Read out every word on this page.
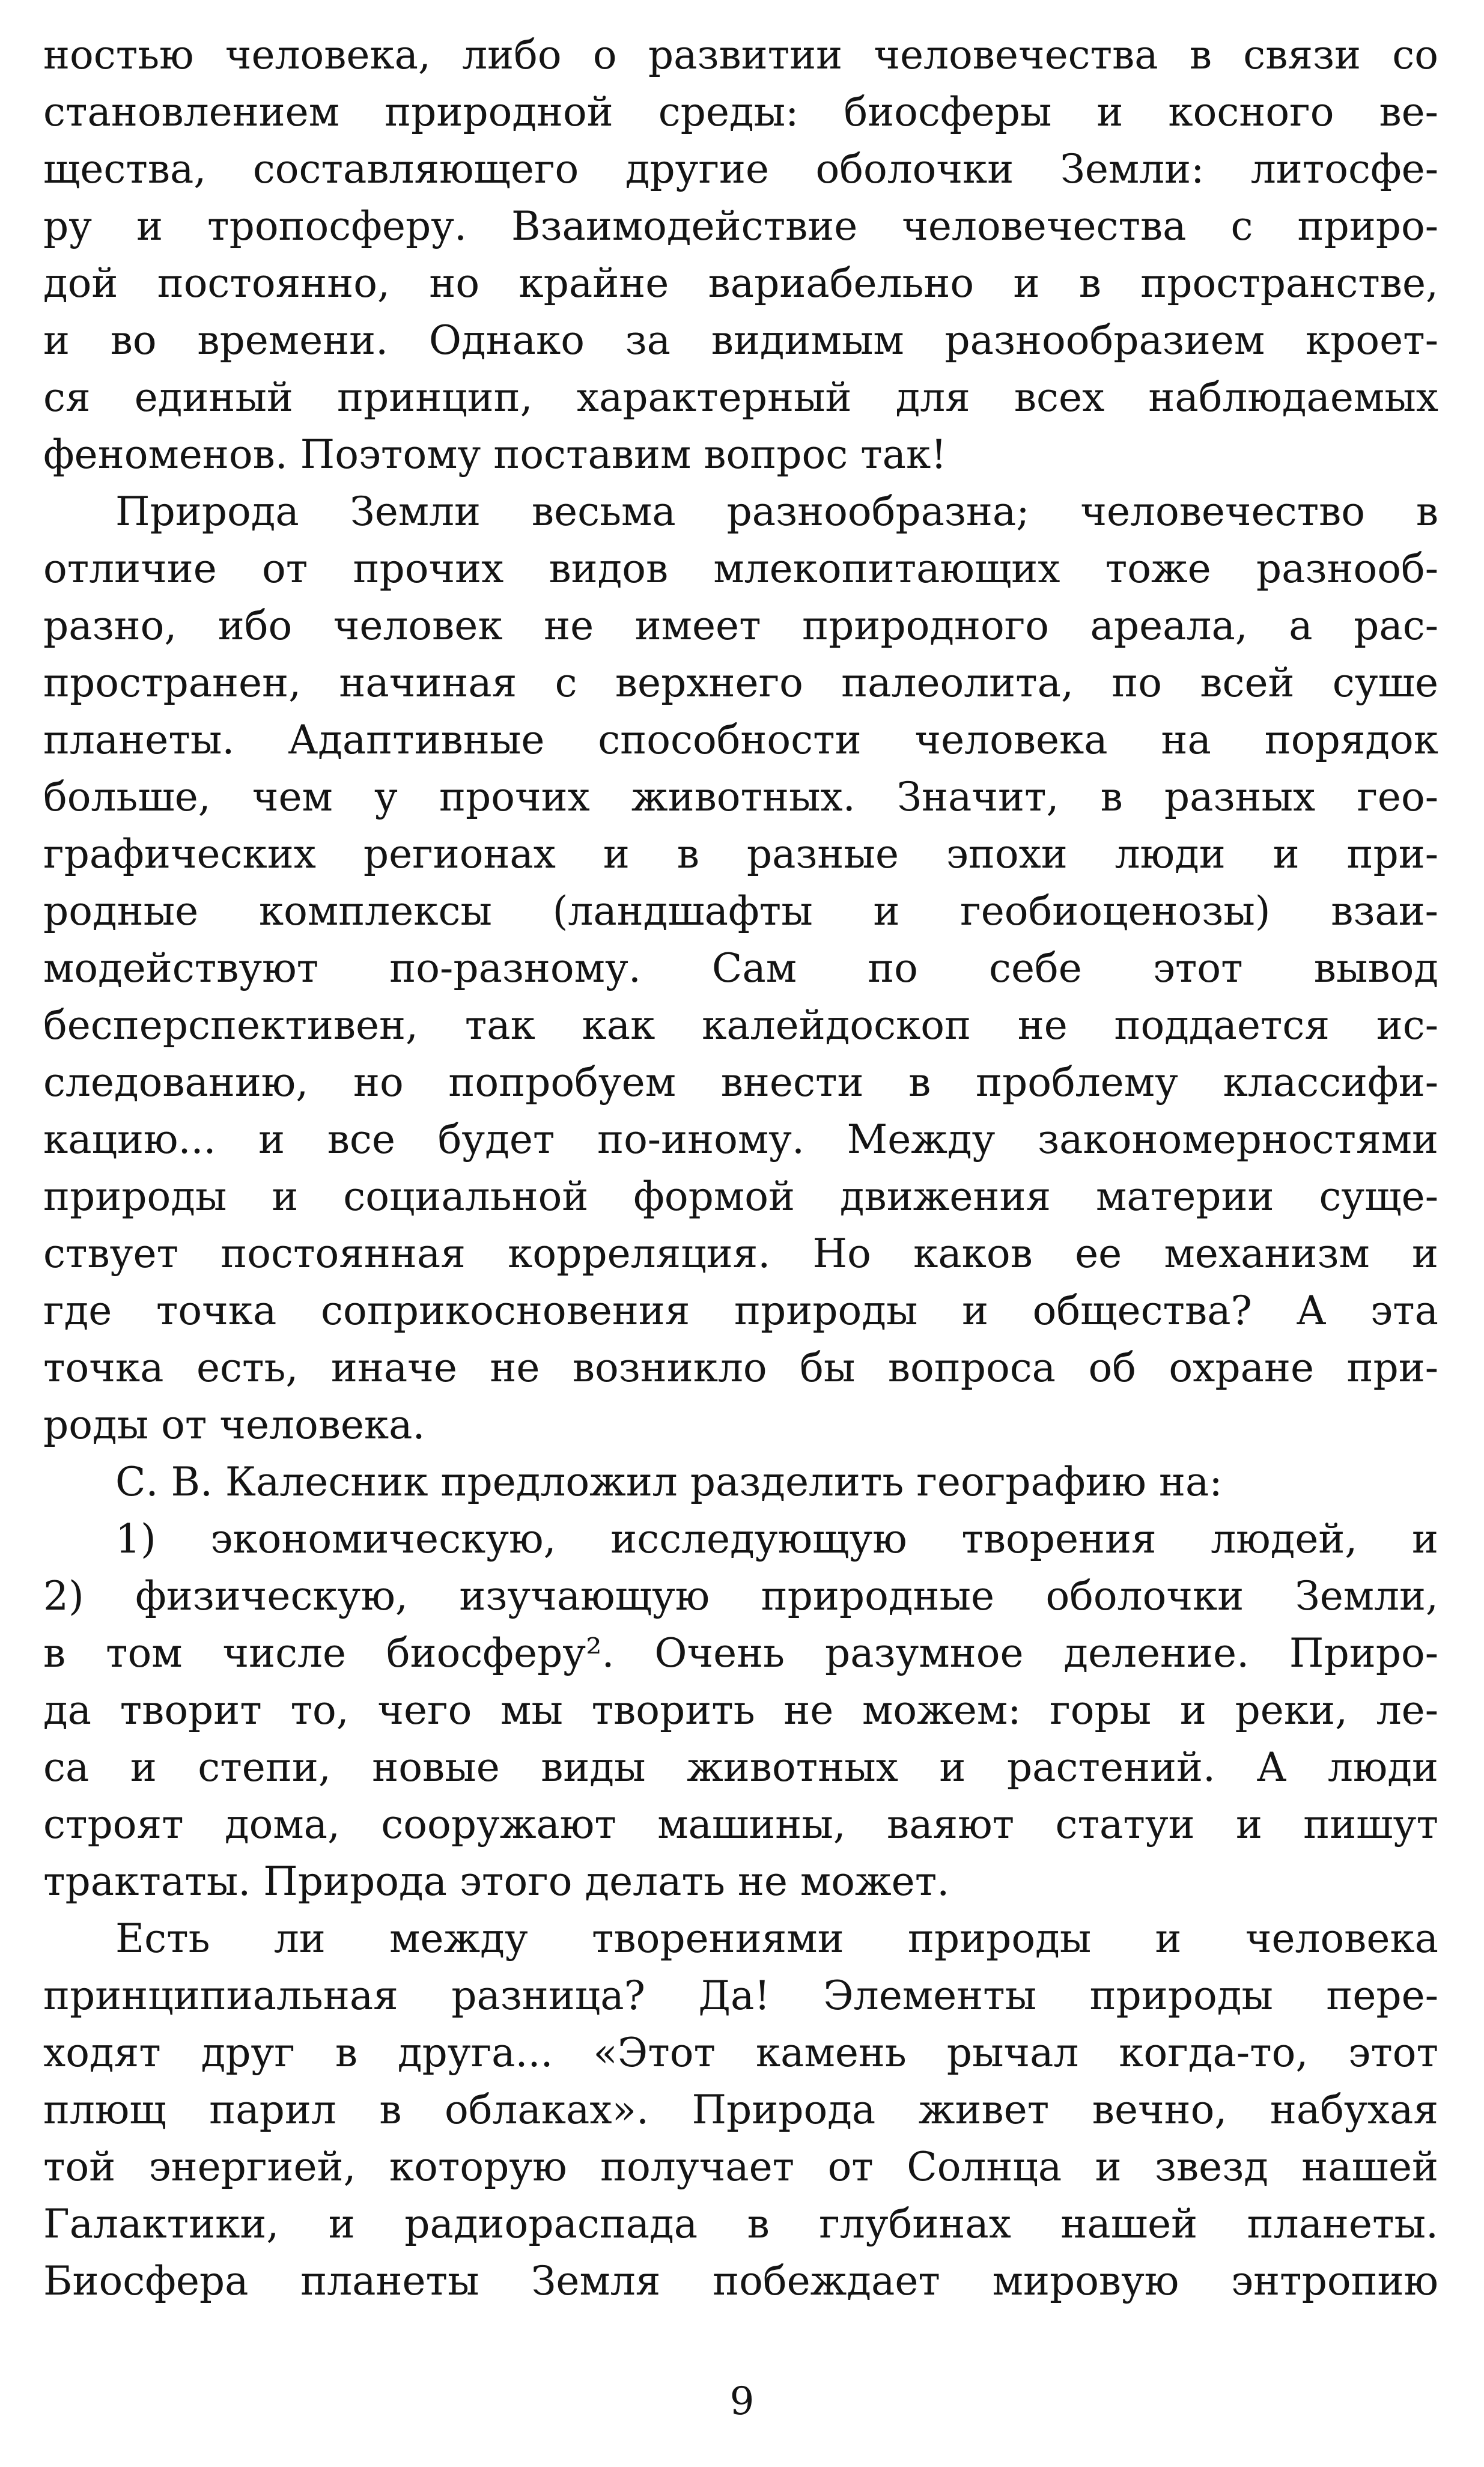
ностью человека, либо о развитии человечества в связи со
становлением природной среды: биосферы и косного ве-
щества, составляющего другие оболочки Земли: литосфе-
ру и тропосферу. Взаимодействие человечества с приро-
дой постоянно, но крайне вариабельно и в пространстве,
и во времени. Однако за видимым разнообразием кроет-
ся единый принцип, характерный для всех наблюдаемых
феноменов. Поэтому поставим вопрос так!
Природа Земли весьма разнообразна; человечество в
отличие от прочих видов млекопитающих тоже разнооб-
разно, ибо человек не имеет природного ареала, а рас-
пространен, начиная с верхнего палеолита, по всей суше
планеты. Адаптивные способности человека на порядок
больше, чем у прочих животных. Значит, в разных гео-
графических регионах и в разные эпохи люди и при-
родные комплексы (ландшафты и геобиоценозы) взаи-
модействуют по-разному. Сам по себе этот вывод
бесперспективен, так как калейдоскоп не поддается ис-
следованию, но попробуем внести в проблему классифи-
кацию... и все будет по-иному. Между закономерностями
природы и социальной формой движения материи суще-
ствует постоянная корреляция. Но каков ее механизм и
где точка соприкосновения природы и общества? А эта
точка есть, иначе не возникло бы вопроса об охране при-
роды от человека.
С. В. Калесник предложил разделить географию на:
1) экономическую, исследующую творения людей, и
2) физическую, изучающую природные оболочки Земли,
в том числе биосферу². Очень разумное деление. Приро-
да творит то, чего мы творить не можем: горы и реки, ле-
са и степи, новые виды животных и растений. А люди
строят дома, сооружают машины, ваяют статуи и пишут
трактаты. Природа этого делать не может.
Есть ли между творениями природы и человека
принципиальная разница? Да! Элементы природы пере-
ходят друг в друга... «Этот камень рычал когда-то, этот
плющ парил в облаках». Природа живет вечно, набухая
той энергией, которую получает от Солнца и звезд нашей
Галактики, и радиораспада в глубинах нашей планеты.
Биосфера планеты Земля побеждает мировую энтропию
9
